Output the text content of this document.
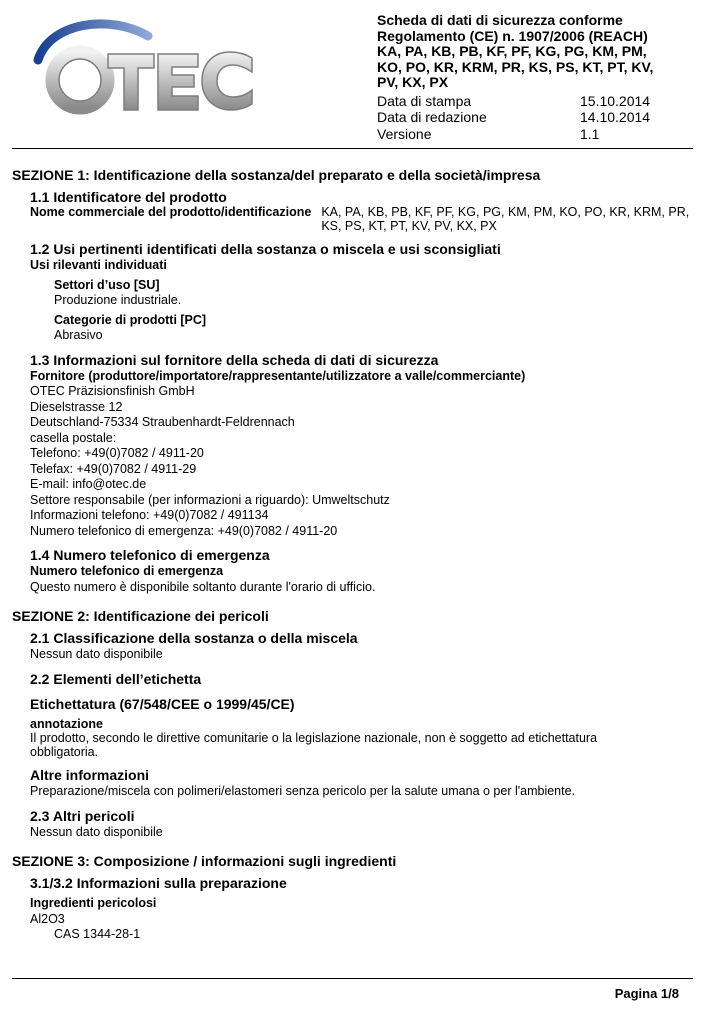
Scheda di dati di sicurezza conforme
Regolamento (CE) n. 1907/2006 (REACH)
KA, PA, KB, PB, KF, PF, KG, PG, KM, PM,
KO, PO, KR, KRM, PR, KS, PS, KT, PT, KV,
PV, KX, PX
Data di stampa	15.10.2014
Data di redazione	14.10.2014
Versione	1.1
SEZIONE 1: Identificazione della sostanza/del preparato e della società/impresa
1.1 Identificatore del prodotto
Nome commerciale del prodotto/identificazione KA, PA, KB, PB, KF, PF, KG, PG, KM, PM, KO, PO, KR, KRM, PR, KS, PS, KT, PT, KV, PV, KX, PX
1.2 Usi pertinenti identificati della sostanza o miscela e usi sconsigliati
Usi rilevanti individuati
Settori d’uso [SU]
Produzione industriale.
Categorie di prodotti [PC]
Abrasivo
1.3 Informazioni sul fornitore della scheda di dati di sicurezza
Fornitore (produttore/importatore/rappresentante/utilizzatore a valle/commerciante)
OTEC Präzisionsfinish GmbH
Dieselstrasse 12
Deutschland-75334 Straubenhardt-Feldrennach
casella postale:
Telefono: +49(0)7082 / 4911-20
Telefax: +49(0)7082 / 4911-29
E-mail: info@otec.de
Settore responsabile (per informazioni a riguardo): Umweltschutz
Informazioni telefono: +49(0)7082 / 491134
Numero telefonico di emergenza: +49(0)7082 / 4911-20
1.4 Numero telefonico di emergenza
Numero telefonico di emergenza
Questo numero è disponibile soltanto durante l'orario di ufficio.
SEZIONE 2: Identificazione dei pericoli
2.1 Classificazione della sostanza o della miscela
Nessun dato disponibile
2.2 Elementi dell’etichetta
Etichettatura (67/548/CEE o 1999/45/CE)
annotazione
Il prodotto, secondo le direttive comunitarie o la legislazione nazionale, non è soggetto ad etichettatura obbligatoria.
Altre informazioni
Preparazione/miscela con polimeri/elastomeri senza pericolo per la salute umana o per l'ambiente.
2.3 Altri pericoli
Nessun dato disponibile
SEZIONE 3: Composizione / informazioni sugli ingredienti
3.1/3.2 Informazioni sulla preparazione
Ingredienti pericolosi
Al2O3
CAS 1344-28-1
Pagina 1/8
